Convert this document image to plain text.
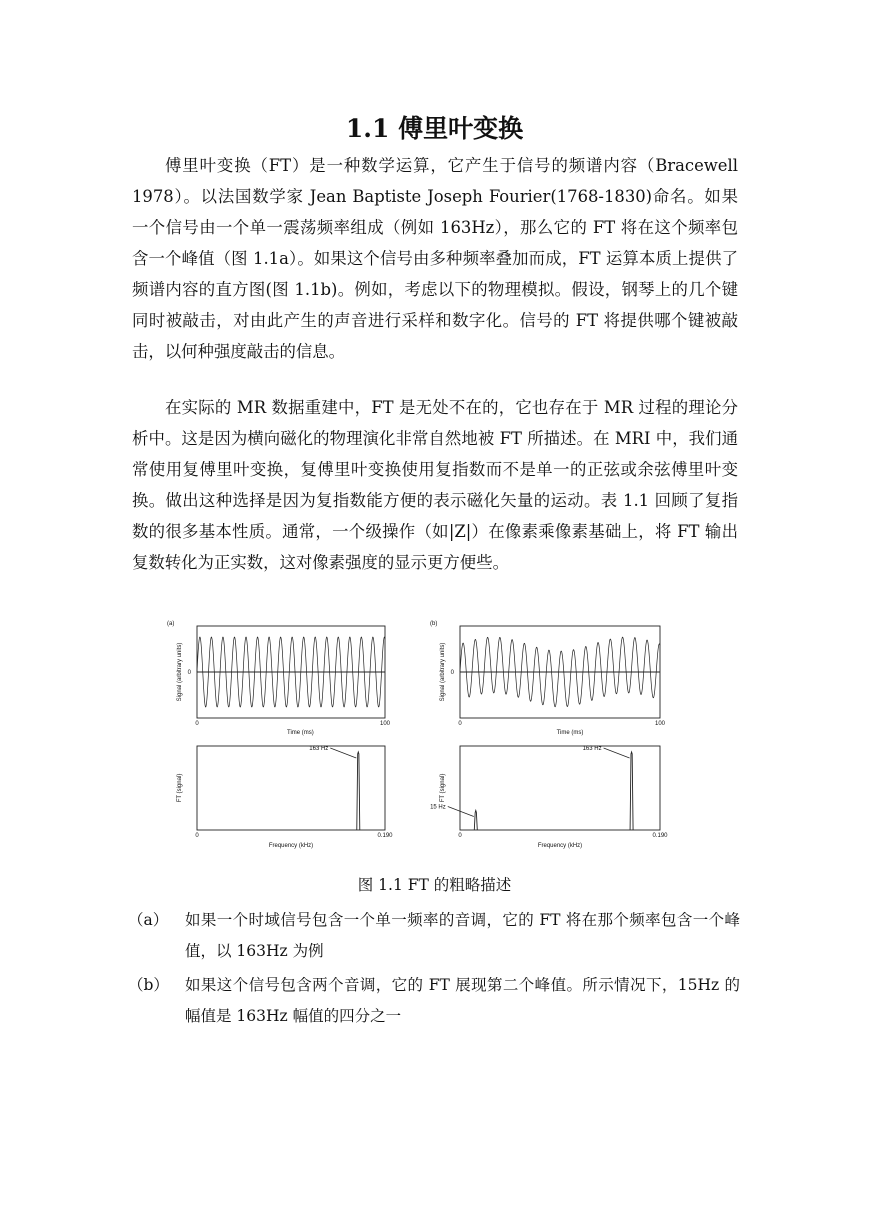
1.1 傅里叶变换

傅里叶变换（FT）是一种数学运算，它产生于信号的频谱内容（Bracewell 1978）。以法国数学家 Jean Baptiste Joseph Fourier(1768-1830)命名。如果一个信号由一个单一震荡频率组成（例如 163Hz），那么它的 FT 将在这个频率包含一个峰值（图 1.1a）。如果这个信号由多种频率叠加而成，FT 运算本质上提供了频谱内容的直方图(图 1.1b)。例如，考虑以下的物理模拟。假设，钢琴上的几个键同时被敲击，对由此产生的声音进行采样和数字化。信号的 FT 将提供哪个键被敲击，以何种强度敲击的信息。

在实际的 MR 数据重建中，FT 是无处不在的，它也存在于 MR 过程的理论分析中。这是因为横向磁化的物理演化非常自然地被 FT 所描述。在 MRI 中，我们通常使用复傅里叶变换，复傅里叶变换使用复指数而不是单一的正弦或余弦傅里叶变换。做出这种选择是因为复指数能方便的表示磁化矢量的运动。表 1.1 回顾了复指数的很多基本性质。通常，一个级操作（如|Z|）在像素乘像素基础上，将 FT 输出复数转化为正实数，这对像素强度的显示更方便些。

(a)
0
0	100
Time (ms)
Signal (arbitrary units)
163 Hz
0	0.190
Frequency (kHz)
FT {signal}
(b)
0
0	100
Time (ms)
Signal (arbitrary units)
15 Hz
163 Hz
0	0.190
Frequency (kHz)
FT {signal}

图 1.1 FT 的粗略描述

（a）	如果一个时域信号包含一个单一频率的音调，它的 FT 将在那个频率包含一个峰值，以 163Hz 为例

（b）	如果这个信号包含两个音调，它的 FT 展现第二个峰值。所示情况下，15Hz 的幅值是 163Hz 幅值的四分之一
